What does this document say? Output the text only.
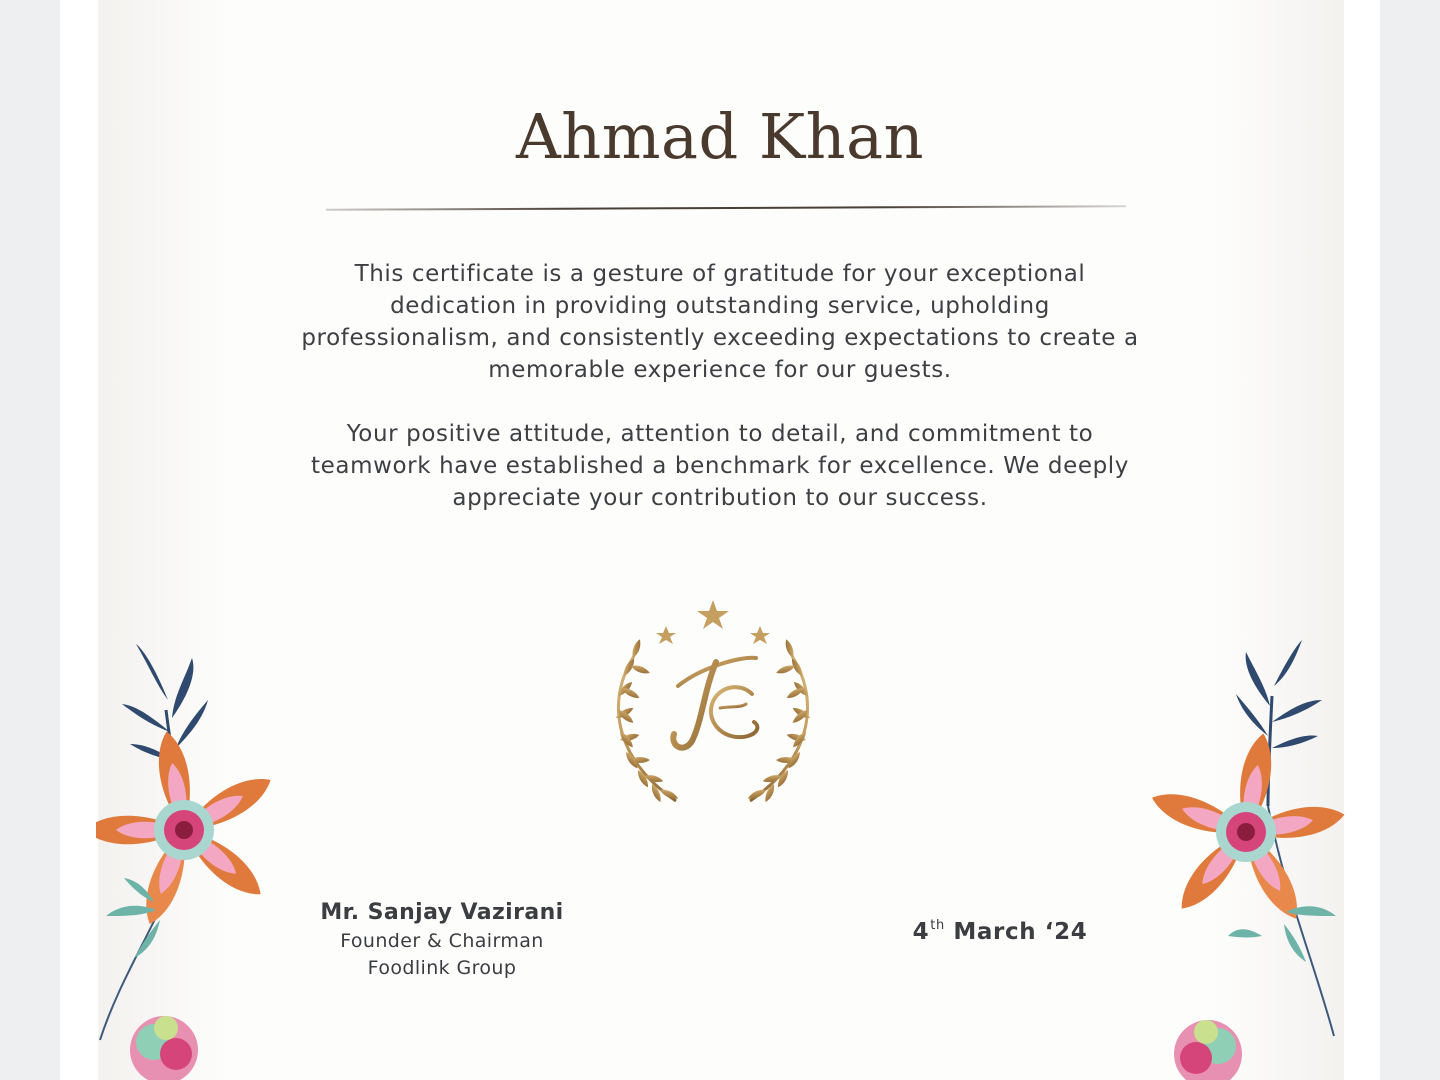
Ahmad Khan

This certificate is a gesture of gratitude for your exceptional dedication in providing outstanding service, upholding professionalism, and consistently exceeding expectations to create a memorable experience for our guests.

Your positive attitude, attention to detail, and commitment to teamwork have established a benchmark for excellence. We deeply appreciate your contribution to our success.

Mr. Sanjay Vazirani
Founder & Chairman
Foodlink Group
4th March ‘24
